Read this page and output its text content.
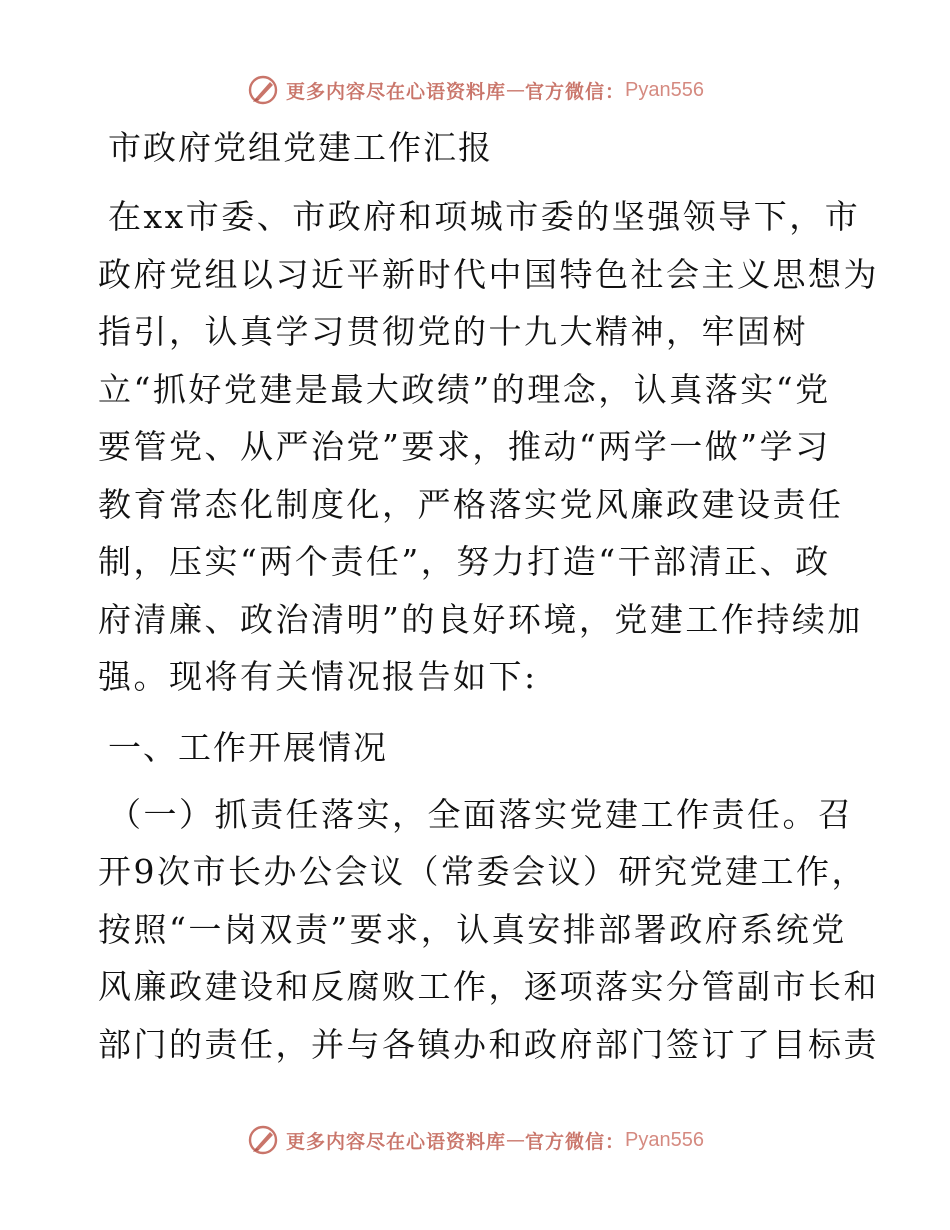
更多内容尽在心语资料库 — 官方微信： Pyan556
市政府党组党建工作汇报
在xx市委、市政府和项城市委的坚强领导下，市
政府党组以习近平新时代中国特色社会主义思想为
指引，认真学习贯彻党的十九大精神，牢固树
立“抓好党建是最大政绩”的理念，认真落实“党
要管党、从严治党”要求，推动“两学一做”学习
教育常态化制度化，严格落实党风廉政建设责任
制，压实“两个责任”，努力打造“干部清正、政
府清廉、政治清明”的良好环境，党建工作持续加
强。现将有关情况报告如下:
一、工作开展情况
（一）抓责任落实，全面落实党建工作责任。召
开9次市长办公会议（常委会议）研究党建工作，
按照“一岗双责”要求，认真安排部署政府系统党
风廉政建设和反腐败工作，逐项落实分管副市长和
部门的责任，并与各镇办和政府部门签订了目标责
更多内容尽在心语资料库 — 官方微信： Pyan556
